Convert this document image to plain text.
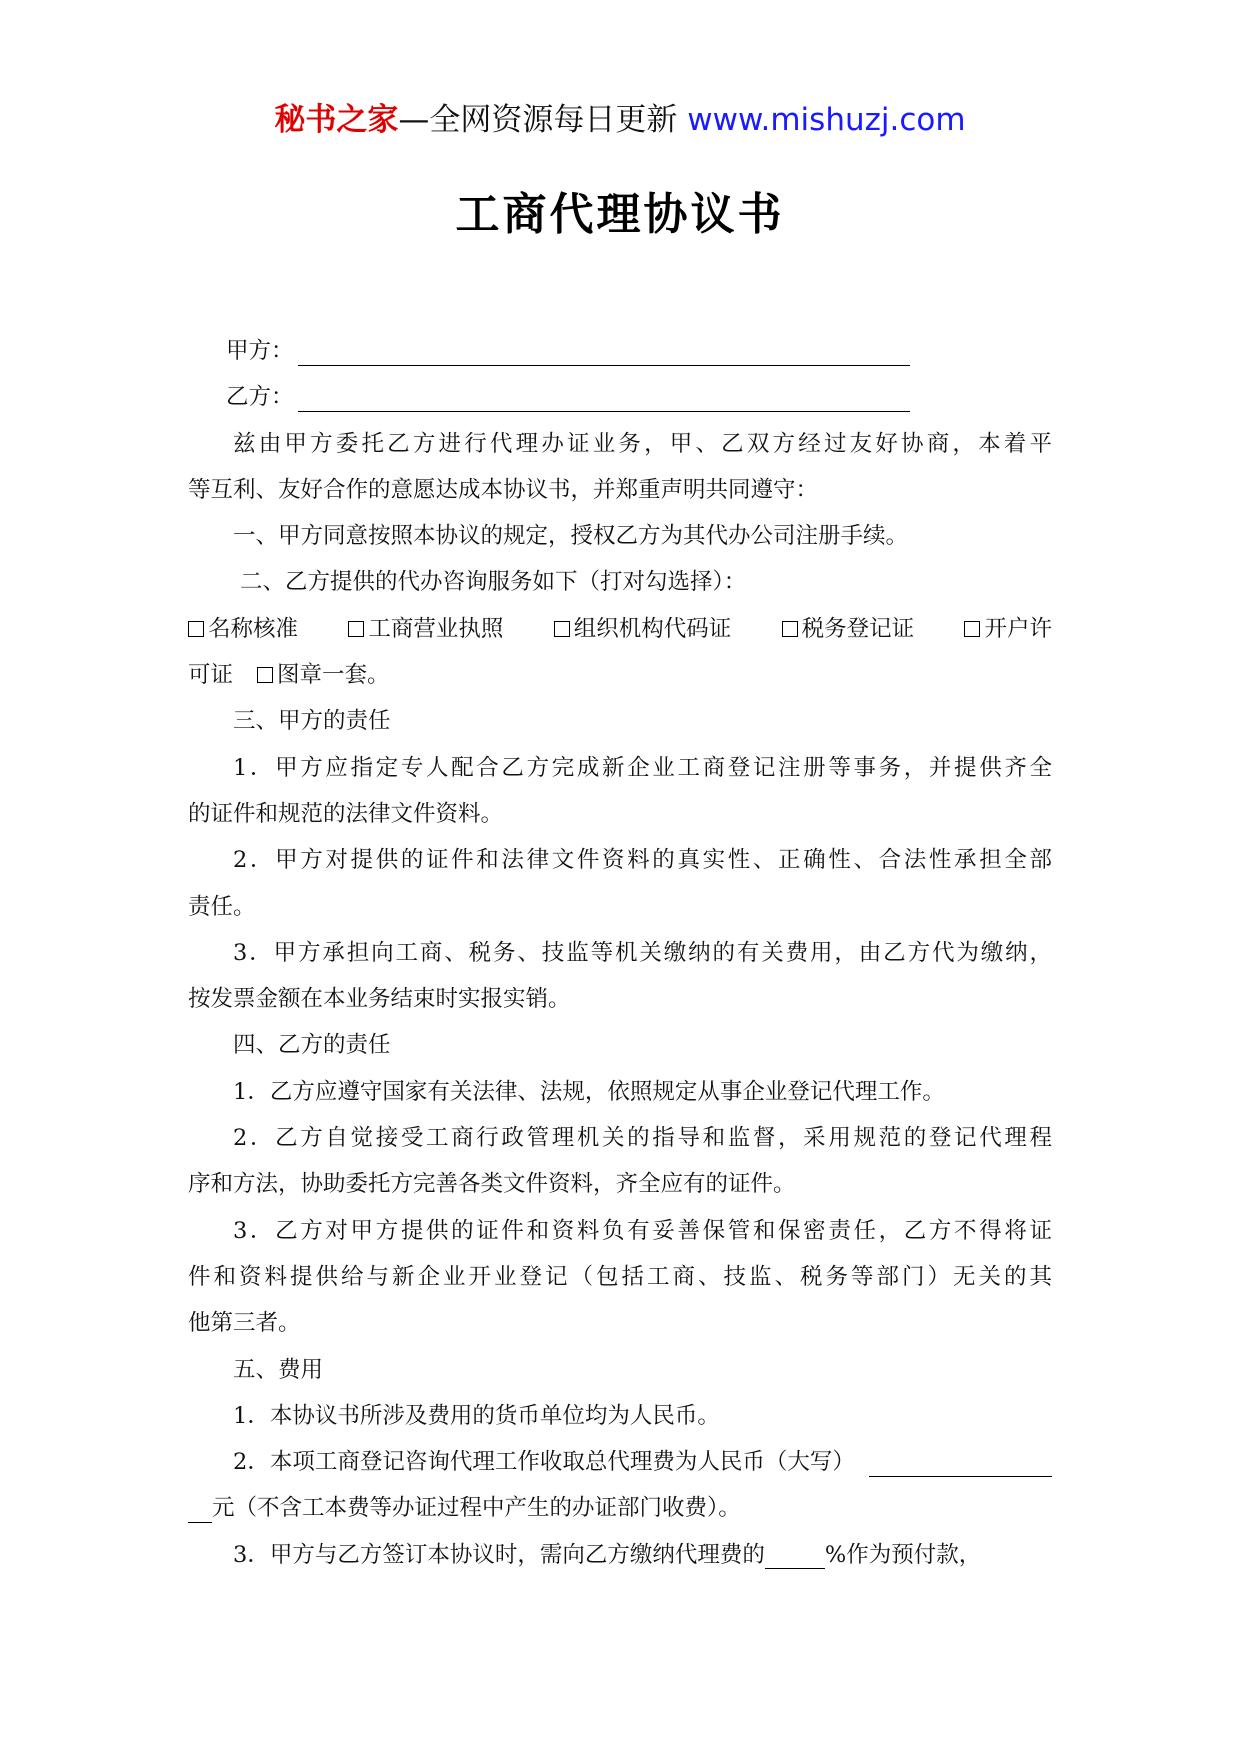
秘书之家—全网资源每日更新 www.mishuzj.com
工商代理协议书
甲方：
乙方：
兹由甲方委托乙方进行代理办证业务，甲、乙双方经过友好协商，本着平
等互利、友好合作的意愿达成本协议书，并郑重声明共同遵守：
一、甲方同意按照本协议的规定，授权乙方为其代办公司注册手续。
二、乙方提供的代办咨询服务如下（打对勾选择）：
名称核准	工商营业执照	组织机构代码证	税务登记证	开户许
可证 图章一套。
三、甲方的责任
1．甲方应指定专人配合乙方完成新企业工商登记注册等事务，并提供齐全
的证件和规范的法律文件资料。
2．甲方对提供的证件和法律文件资料的真实性、正确性、合法性承担全部
责任。
3．甲方承担向工商、税务、技监等机关缴纳的有关费用，由乙方代为缴纳，
按发票金额在本业务结束时实报实销。
四、乙方的责任
1．乙方应遵守国家有关法律、法规，依照规定从事企业登记代理工作。
2．乙方自觉接受工商行政管理机关的指导和监督，采用规范的登记代理程
序和方法，协助委托方完善各类文件资料，齐全应有的证件。
3．乙方对甲方提供的证件和资料负有妥善保管和保密责任，乙方不得将证
件和资料提供给与新企业开业登记（包括工商、技监、税务等部门）无关的其
他第三者。
五、费用
1．本协议书所涉及费用的货币单位均为人民币。
2．本项工商登记咨询代理工作收取总代理费为人民币（大写）
元（不含工本费等办证过程中产生的办证部门收费）。
3．甲方与乙方签订本协议时，需向乙方缴纳代理费的	%作为预付款，
